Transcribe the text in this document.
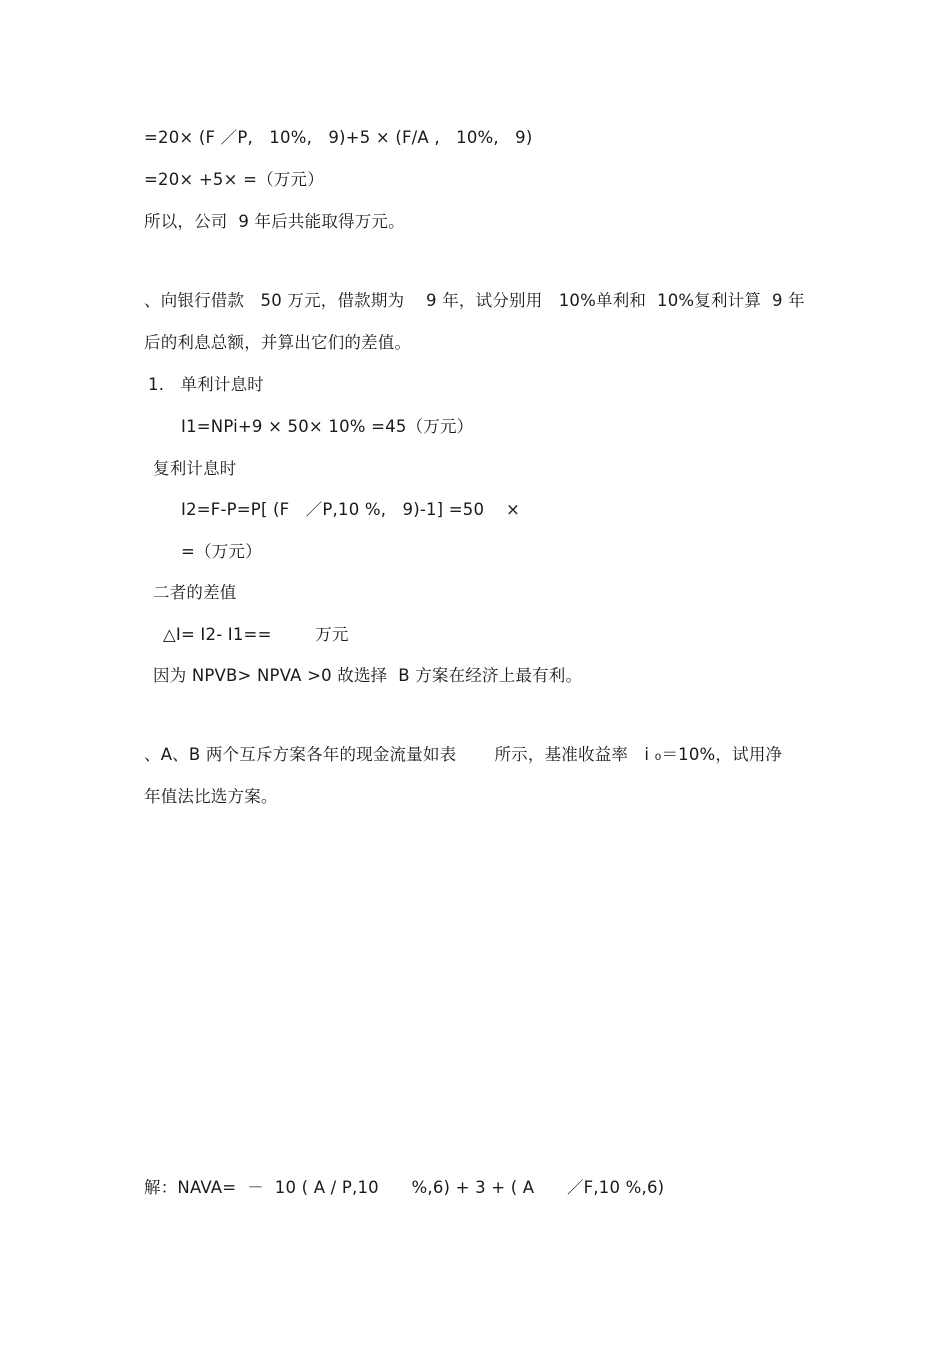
=20× (F ／P,   10%,   9)+5 × (F/A ,   10%,   9)
=20× +5× =（万元）
所以，公司  9 年后共能取得万元。
、向银行借款   50 万元，借款期为    9 年，试分别用   10%单利和  10%复利计算  9 年
后的利息总额，并算出它们的差值。
1.   单利计息时
I1=NPi+9 × 50× 10% =45（万元）
复利计息时
I2=F-P=P[ (F   ／P,10 %,   9)-1] =50    ×
=（万元）
二者的差值
△I= I2- I1==        万元
因为 NPVB> NPVA >0 故选择  B 方案在经济上最有利。
、A、B 两个互斥方案各年的现金流量如表       所示，基准收益率   i ₀＝10%，试用净
年值法比选方案。
解：NAVA=  －  10 ( A / P,10      %,6) + 3 + ( A      ／F,10 %,6)
